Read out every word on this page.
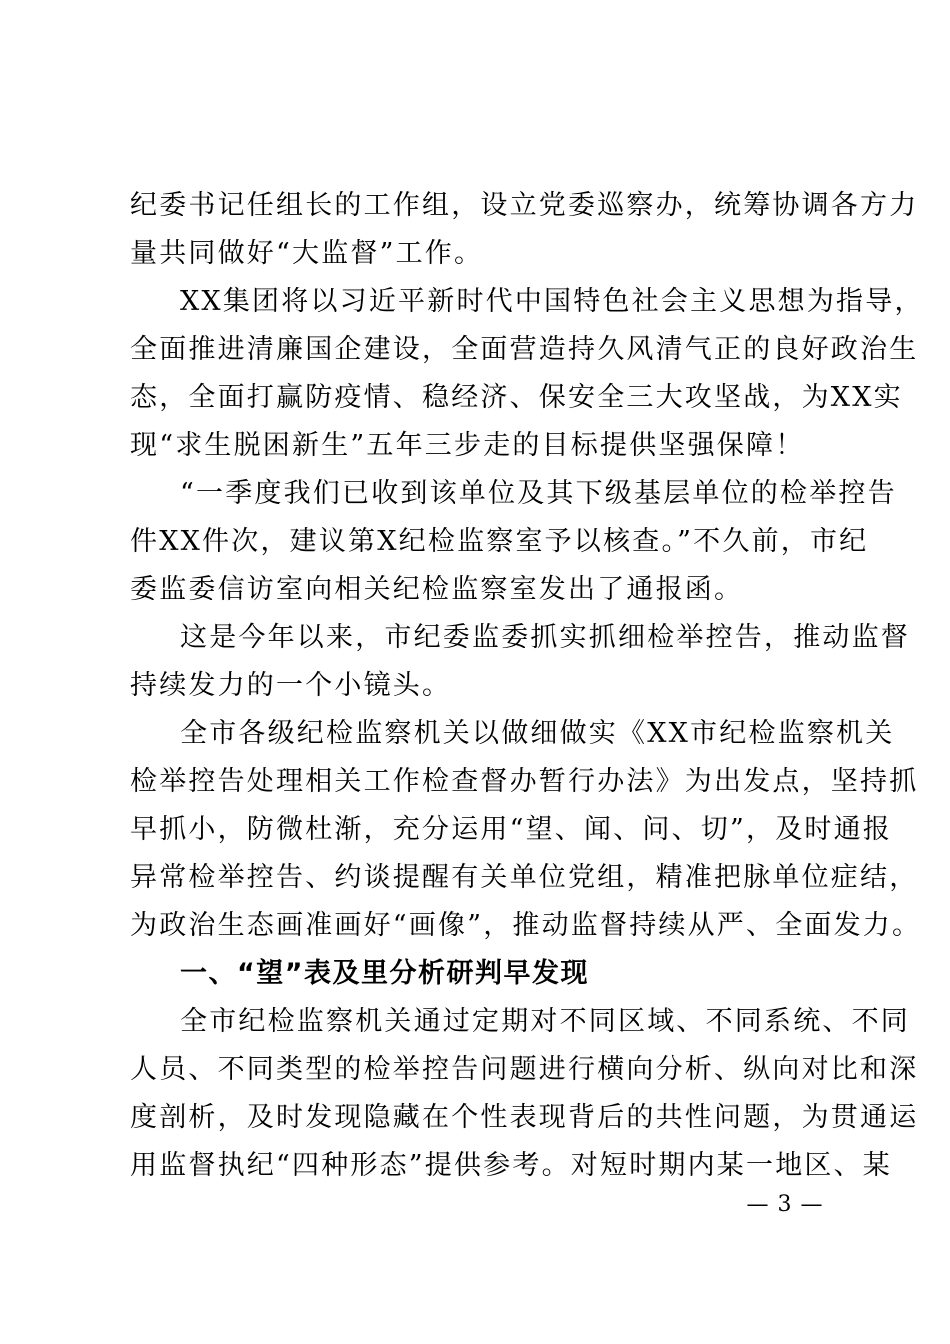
纪委书记任组长的工作组，设立党委巡察办，统筹协调各方力
量共同做好“大监督”工作。
XX集团将以习近平新时代中国特色社会主义思想为指导，
全面推进清廉国企建设，全面营造持久风清气正的良好政治生
态，全面打赢防疫情、稳经济、保安全三大攻坚战，为XX实
现“求生脱困新生”五年三步走的目标提供坚强保障！
“一季度我们已收到该单位及其下级基层单位的检举控告
件XX件次，建议第X纪检监察室予以核查。”不久前，市纪
委监委信访室向相关纪检监察室发出了通报函。
这是今年以来，市纪委监委抓实抓细检举控告，推动监督
持续发力的一个小镜头。
全市各级纪检监察机关以做细做实《XX市纪检监察机关
检举控告处理相关工作检查督办暂行办法》为出发点，坚持抓
早抓小，防微杜渐，充分运用“望、闻、问、切”，及时通报
异常检举控告、约谈提醒有关单位党组，精准把脉单位症结，
为政治生态画准画好“画像”，推动监督持续从严、全面发力。
一、“望”表及里分析研判早发现
全市纪检监察机关通过定期对不同区域、不同系统、不同
人员、不同类型的检举控告问题进行横向分析、纵向对比和深
度剖析，及时发现隐藏在个性表现背后的共性问题，为贯通运
用监督执纪“四种形态”提供参考。对短时期内某一地区、某
— 3 —
